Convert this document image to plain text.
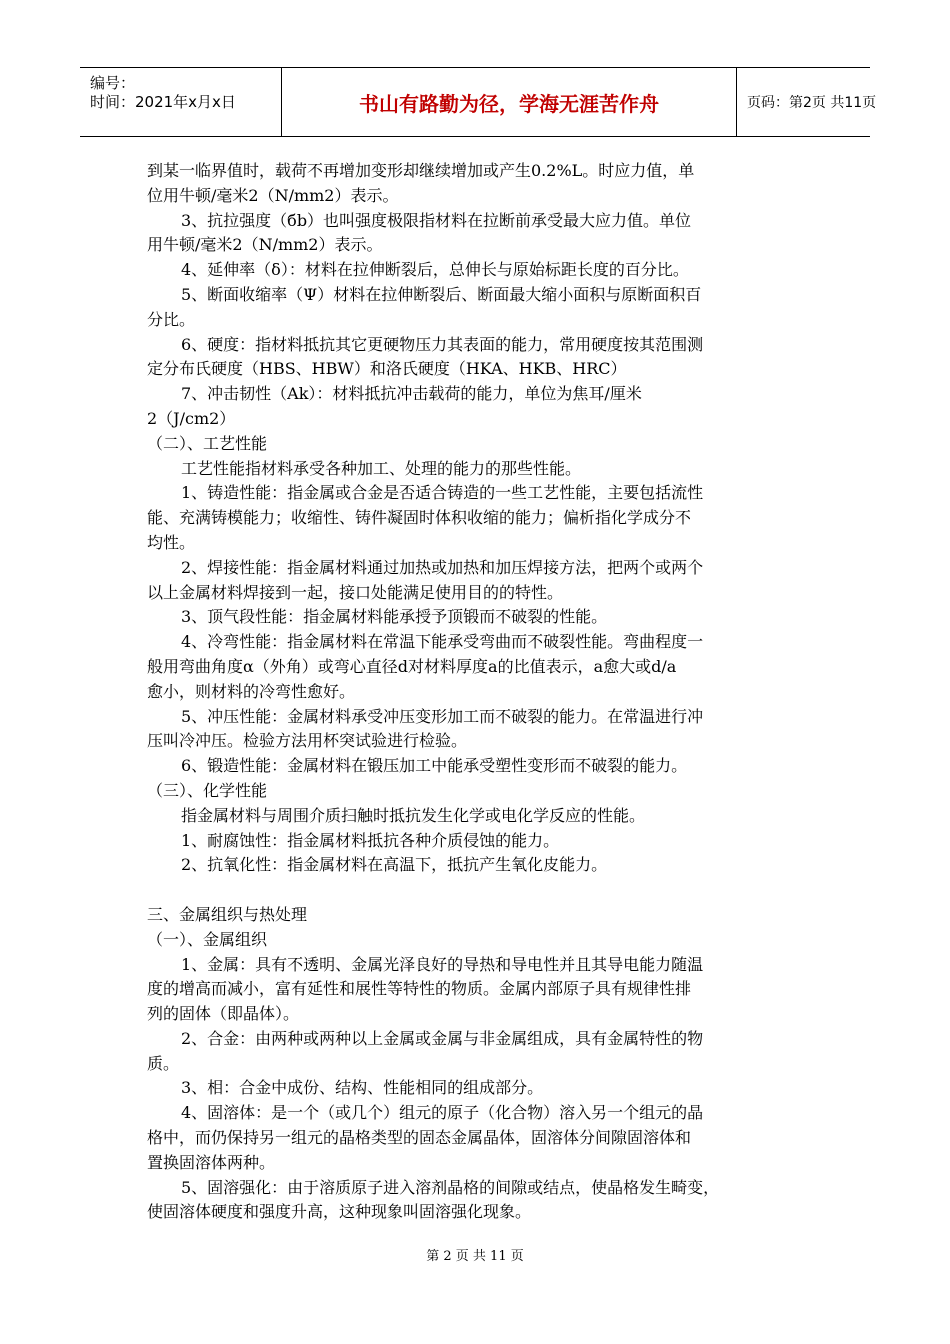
编号：
时间：2021年x月x日	书山有路勤为径，学海无涯苦作舟	页码：第2页 共11页
到某一临界值时，载荷不再增加变形却继续增加或产生0.2%L。时应力值，单
位用牛顿/毫米2（N/mm2）表示。
3、抗拉强度（бb）也叫强度极限指材料在拉断前承受最大应力值。单位
用牛顿/毫米2（N/mm2）表示。
4、延伸率（δ）：材料在拉伸断裂后，总伸长与原始标距长度的百分比。
5、断面收缩率（Ψ）材料在拉伸断裂后、断面最大缩小面积与原断面积百
分比。
6、硬度：指材料抵抗其它更硬物压力其表面的能力，常用硬度按其范围测
定分布氏硬度（HBS、HBW）和洛氏硬度（HKA、HKB、HRC）
7、冲击韧性（Ak）：材料抵抗冲击载荷的能力，单位为焦耳/厘米
2（J/cm2）
（二）、工艺性能
工艺性能指材料承受各种加工、处理的能力的那些性能。
1、铸造性能：指金属或合金是否适合铸造的一些工艺性能，主要包括流性
能、充满铸模能力；收缩性、铸件凝固时体积收缩的能力；偏析指化学成分不
均性。
2、焊接性能：指金属材料通过加热或加热和加压焊接方法，把两个或两个
以上金属材料焊接到一起，接口处能满足使用目的的特性。
3、顶气段性能：指金属材料能承授予顶锻而不破裂的性能。
4、冷弯性能：指金属材料在常温下能承受弯曲而不破裂性能。弯曲程度一
般用弯曲角度α（外角）或弯心直径d对材料厚度a的比值表示，a愈大或d/a
愈小，则材料的冷弯性愈好。
5、冲压性能：金属材料承受冲压变形加工而不破裂的能力。在常温进行冲
压叫冷冲压。检验方法用杯突试验进行检验。
6、锻造性能：金属材料在锻压加工中能承受塑性变形而不破裂的能力。
（三）、化学性能
指金属材料与周围介质扫触时抵抗发生化学或电化学反应的性能。
1、耐腐蚀性：指金属材料抵抗各种介质侵蚀的能力。
2、抗氧化性：指金属材料在高温下，抵抗产生氧化皮能力。
三、金属组织与热处理
（一）、金属组织
1、金属：具有不透明、金属光泽良好的导热和导电性并且其导电能力随温
度的增高而减小，富有延性和展性等特性的物质。金属内部原子具有规律性排
列的固体（即晶体）。
2、合金：由两种或两种以上金属或金属与非金属组成，具有金属特性的物
质。
3、相：合金中成份、结构、性能相同的组成部分。
4、固溶体：是一个（或几个）组元的原子（化合物）溶入另一个组元的晶
格中，而仍保持另一组元的晶格类型的固态金属晶体，固溶体分间隙固溶体和
置换固溶体两种。
5、固溶强化：由于溶质原子进入溶剂晶格的间隙或结点，使晶格发生畸变，
使固溶体硬度和强度升高，这种现象叫固溶强化现象。
第 2 页 共 11 页
